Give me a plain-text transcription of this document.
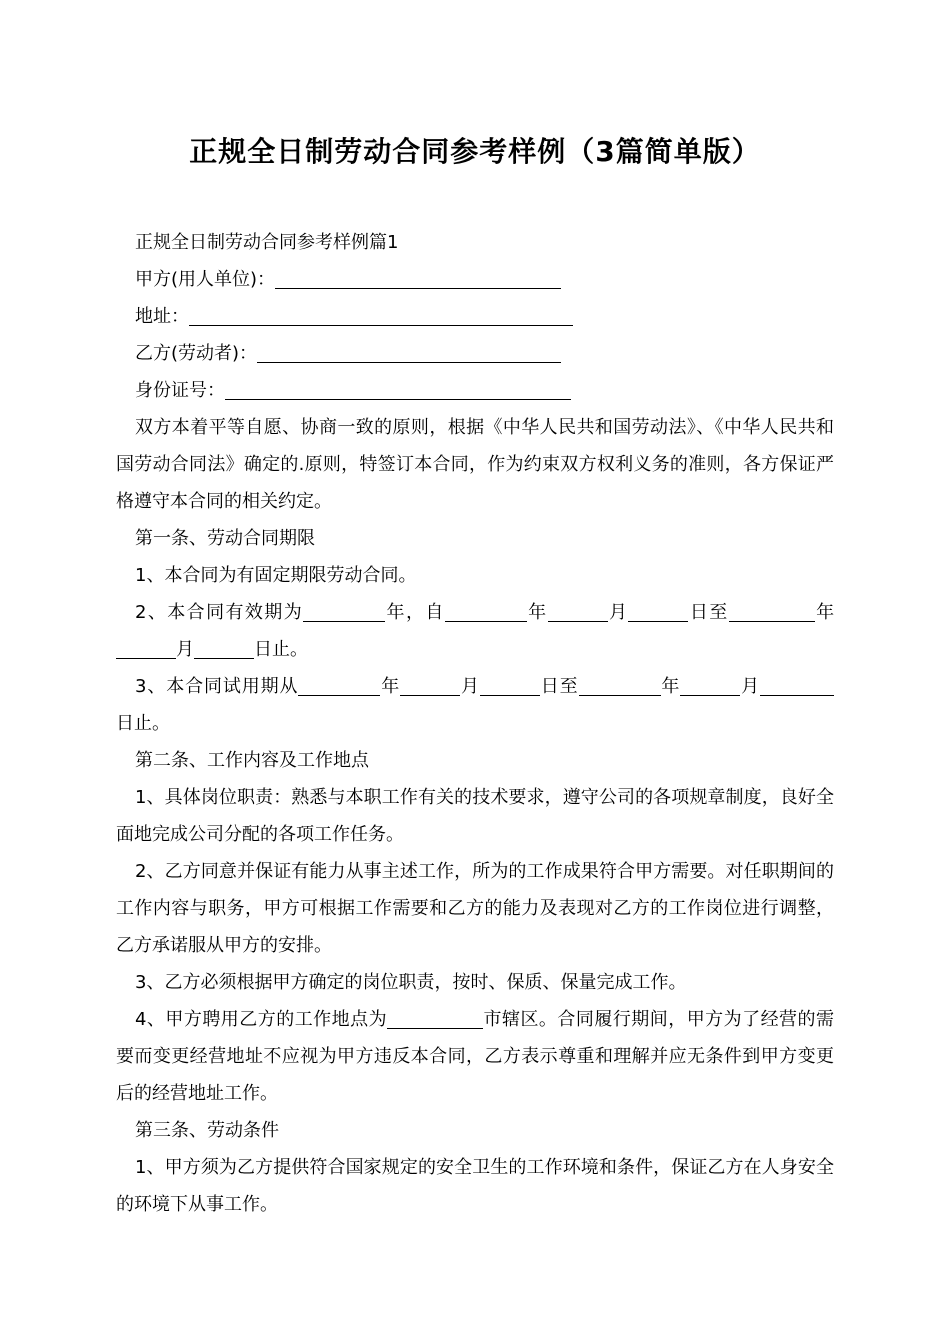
正规全日制劳动合同参考样例（3篇简单版）

正规全日制劳动合同参考样例篇1

甲方(用人单位)：

地址：

乙方(劳动者)：

身份证号：

双方本着平等自愿、协商一致的原则，根据《中华人民共和国劳动法》、《中华人民共和国劳动合同法》确定的.原则，特签订本合同，作为约束双方权利义务的准则，各方保证严格遵守本合同的相关约定。

第一条、劳动合同期限

1、本合同为有固定期限劳动合同。

2、本合同有效期为	年，自	年	月	日至	年月	日止。

3、本合同试用期从	年	月	日至	年	月日止。

第二条、工作内容及工作地点

1、具体岗位职责：熟悉与本职工作有关的技术要求，遵守公司的各项规章制度，良好全面地完成公司分配的各项工作任务。

2、乙方同意并保证有能力从事主述工作，所为的工作成果符合甲方需要。对任职期间的工作内容与职务，甲方可根据工作需要和乙方的能力及表现对乙方的工作岗位进行调整，乙方承诺服从甲方的安排。

3、乙方必须根据甲方确定的岗位职责，按时、保质、保量完成工作。

4、甲方聘用乙方的工作地点为	市辖区。合同履行期间，甲方为了经营的需要而变更经营地址不应视为甲方违反本合同，乙方表示尊重和理解并应无条件到甲方变更后的经营地址工作。

第三条、劳动条件

1、甲方须为乙方提供符合国家规定的安全卫生的工作环境和条件，保证乙方在人身安全的环境下从事工作。
